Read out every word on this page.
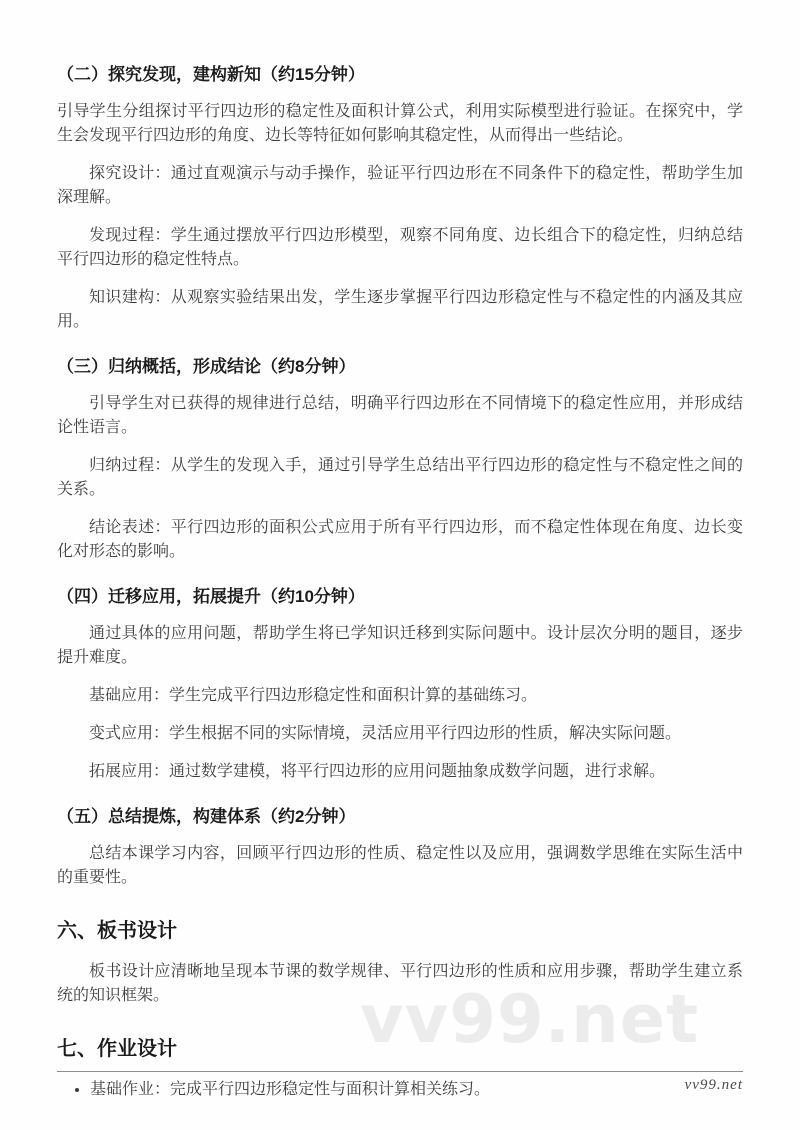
vv99.net
（二）探究发现，建构新知（约15分钟）

引导学生分组探讨平行四边形的稳定性及面积计算公式，利用实际模型进行验证。在探究中，学生会发现平行四边形的角度、边长等特征如何影响其稳定性，从而得出一些结论。

探究设计：通过直观演示与动手操作，验证平行四边形在不同条件下的稳定性，帮助学生加深理解。

发现过程：学生通过摆放平行四边形模型，观察不同角度、边长组合下的稳定性，归纳总结平行四边形的稳定性特点。

知识建构：从观察实验结果出发，学生逐步掌握平行四边形稳定性与不稳定性的内涵及其应用。

（三）归纳概括，形成结论（约8分钟）

引导学生对已获得的规律进行总结，明确平行四边形在不同情境下的稳定性应用，并形成结论性语言。

归纳过程：从学生的发现入手，通过引导学生总结出平行四边形的稳定性与不稳定性之间的关系。

结论表述：平行四边形的面积公式应用于所有平行四边形，而不稳定性体现在角度、边长变化对形态的影响。

（四）迁移应用，拓展提升（约10分钟）

通过具体的应用问题，帮助学生将已学知识迁移到实际问题中。设计层次分明的题目，逐步提升难度。

基础应用：学生完成平行四边形稳定性和面积计算的基础练习。

变式应用：学生根据不同的实际情境，灵活应用平行四边形的性质，解决实际问题。

拓展应用：通过数学建模，将平行四边形的应用问题抽象成数学问题，进行求解。

（五）总结提炼，构建体系（约2分钟）

总结本课学习内容，回顾平行四边形的性质、稳定性以及应用，强调数学思维在实际生活中的重要性。

六、板书设计

板书设计应清晰地呈现本节课的数学规律、平行四边形的性质和应用步骤，帮助学生建立系统的知识框架。

七、作业设计
• 基础作业：完成平行四边形稳定性与面积计算相关练习。	vv99.net
